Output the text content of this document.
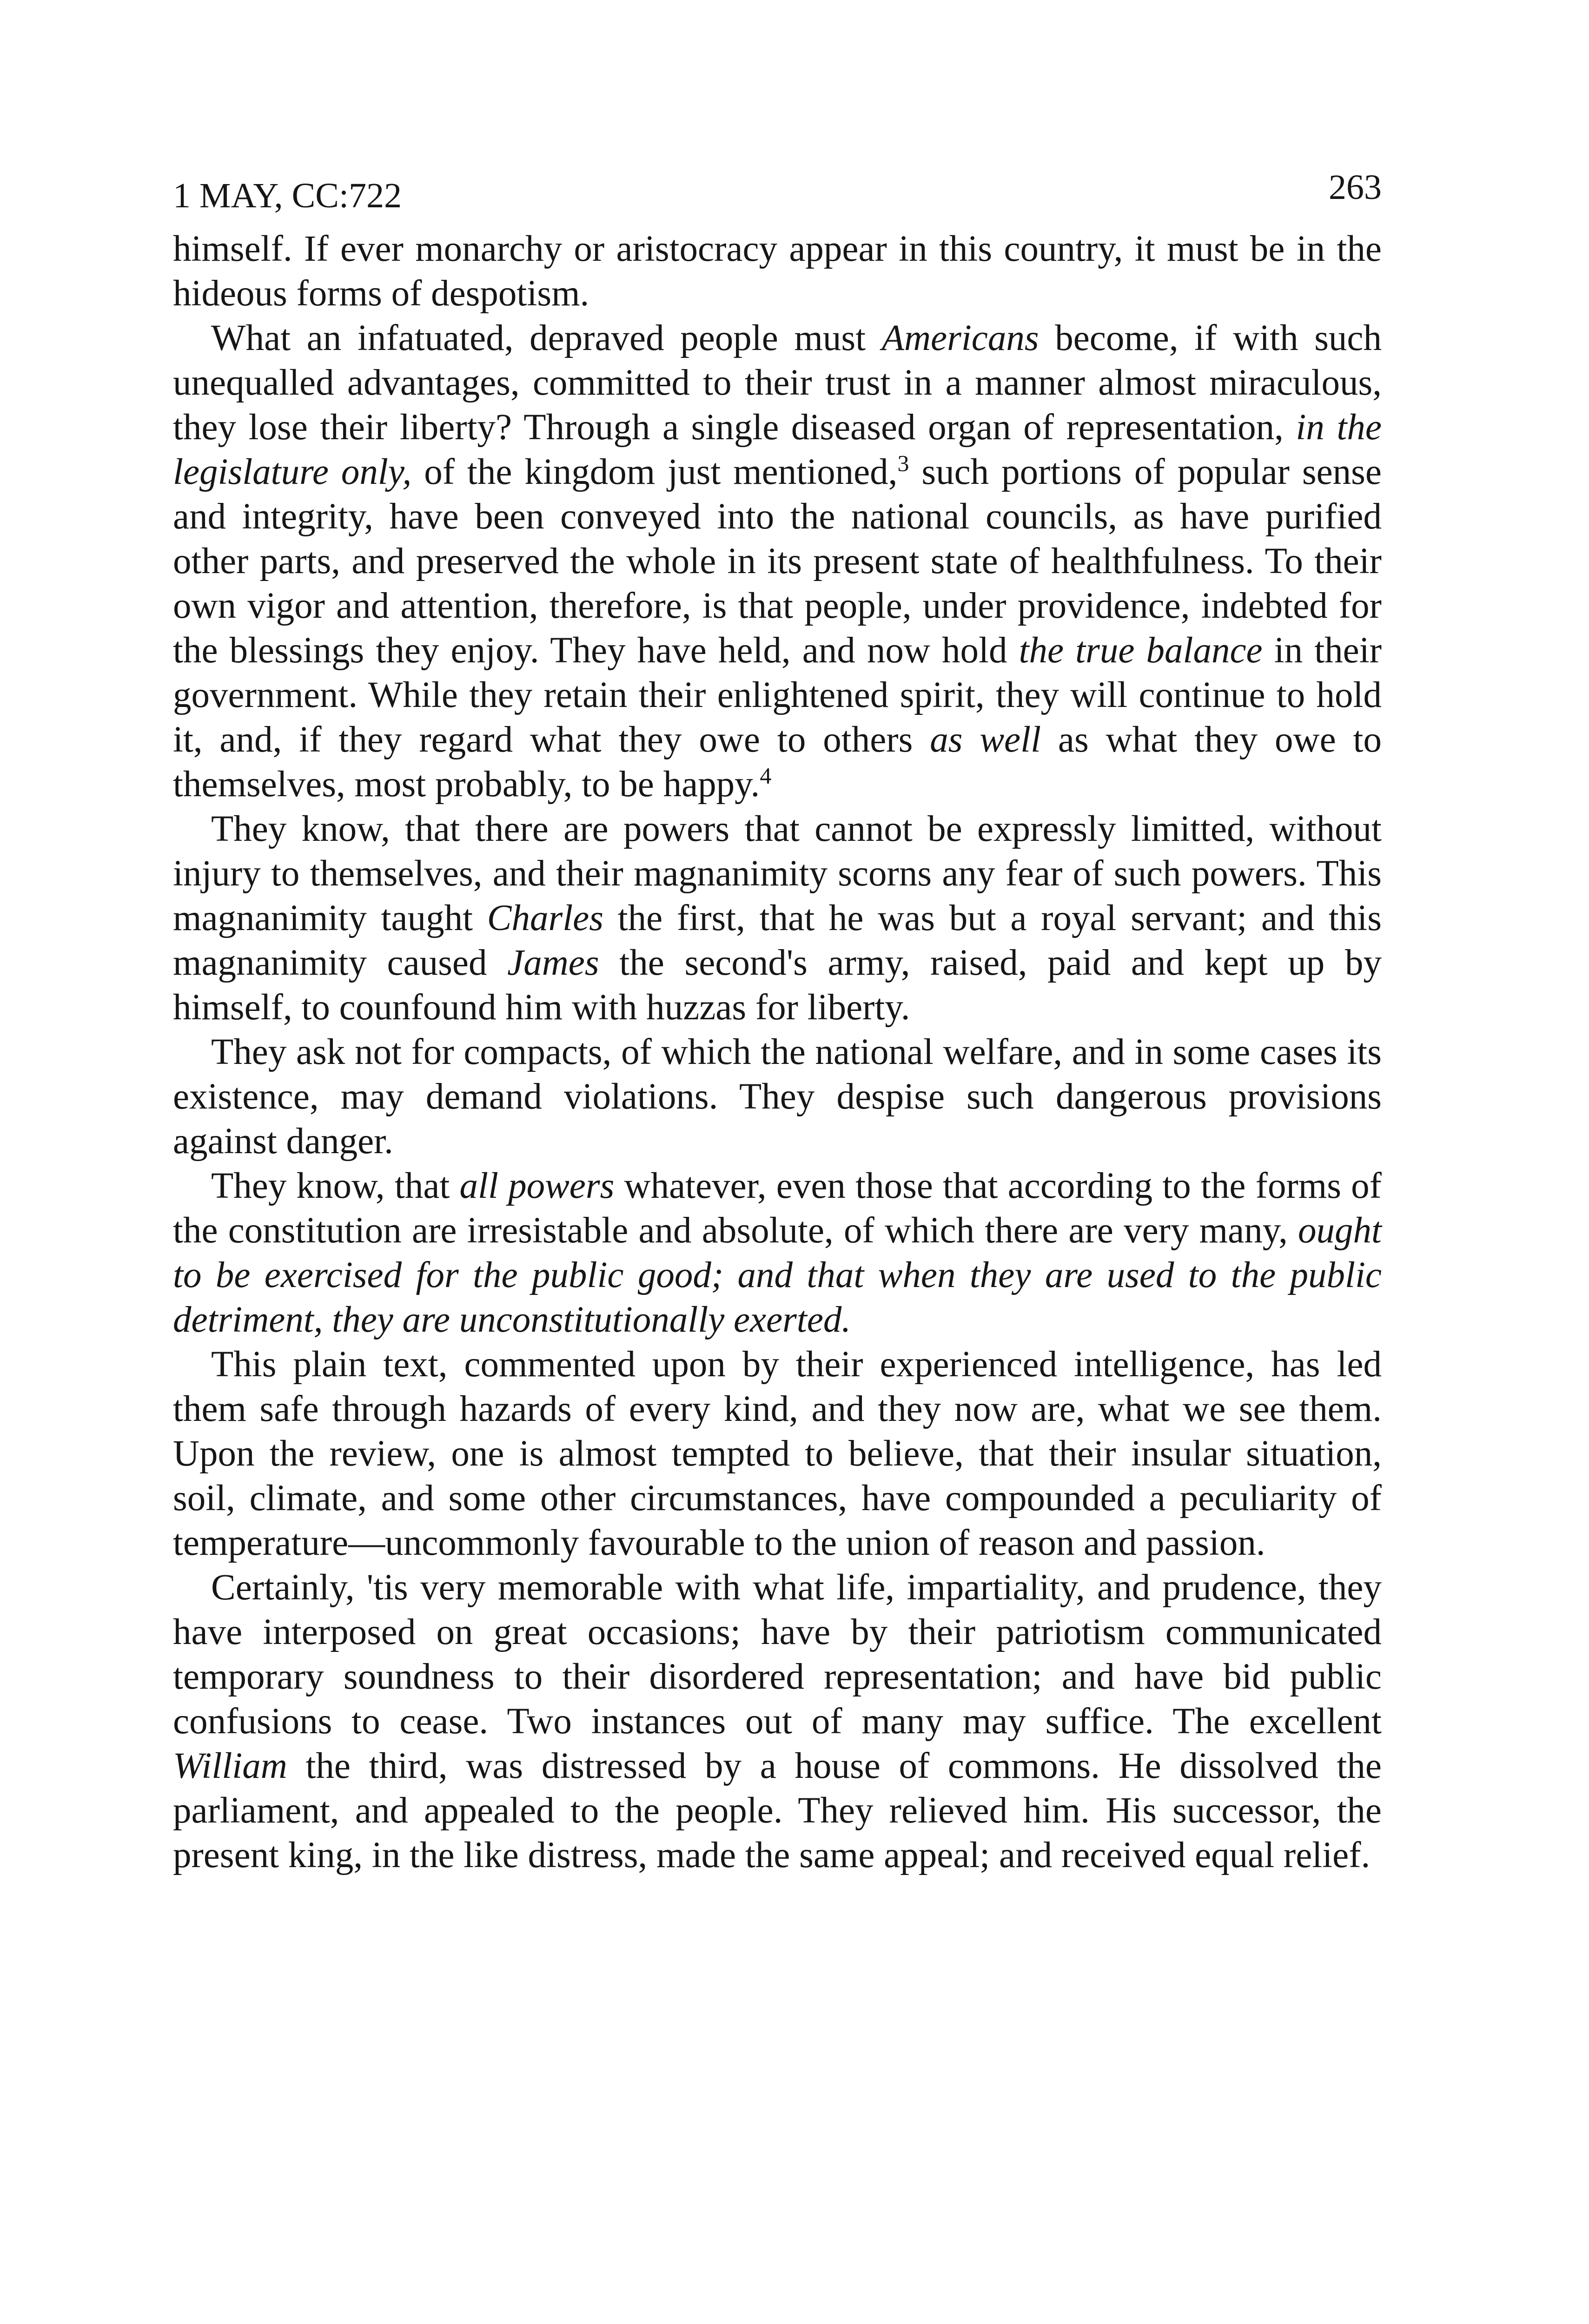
1 MAY, CC:722	263

himself. If ever monarchy or aristocracy appear in this country, it must be in the hideous forms of despotism.

What an infatuated, depraved people must Americans become, if with such unequalled advantages, committed to their trust in a manner almost miraculous, they lose their liberty? Through a single diseased organ of representation, in the legislature only, of the kingdom just mentioned,$^3$ such portions of popular sense and integrity, have been conveyed into the national councils, as have purified other parts, and preserved the whole in its present state of healthfulness. To their own vigor and attention, therefore, is that people, under providence, indebted for the blessings they enjoy. They have held, and now hold the true balance in their government. While they retain their enlightened spirit, they will continue to hold it, and, if they regard what they owe to others as well as what they owe to themselves, most probably, to be happy.$^4$

They know, that there are powers that cannot be expressly limitted, without injury to themselves, and their magnanimity scorns any fear of such powers. This magnanimity taught Charles the first, that he was but a royal servant; and this magnanimity caused James the second's army, raised, paid and kept up by himself, to counfound him with huzzas for liberty.

They ask not for compacts, of which the national welfare, and in some cases its existence, may demand violations. They despise such dangerous provisions against danger.

They know, that all powers whatever, even those that according to the forms of the constitution are irresistable and absolute, of which there are very many, ought to be exercised for the public good; and that when they are used to the public detriment, they are unconstitutionally exerted.

This plain text, commented upon by their experienced intelligence, has led them safe through hazards of every kind, and they now are, what we see them. Upon the review, one is almost tempted to believe, that their insular situation, soil, climate, and some other circumstances, have compounded a peculiarity of temperature—uncommonly favourable to the union of reason and passion.

Certainly, 'tis very memorable with what life, impartiality, and prudence, they have interposed on great occasions; have by their patriotism communicated temporary soundness to their disordered representation; and have bid public confusions to cease. Two instances out of many may suffice. The excellent William the third, was distressed by a house of commons. He dissolved the parliament, and appealed to the people. They relieved him. His successor, the present king, in the like distress, made the same appeal; and received equal relief.
